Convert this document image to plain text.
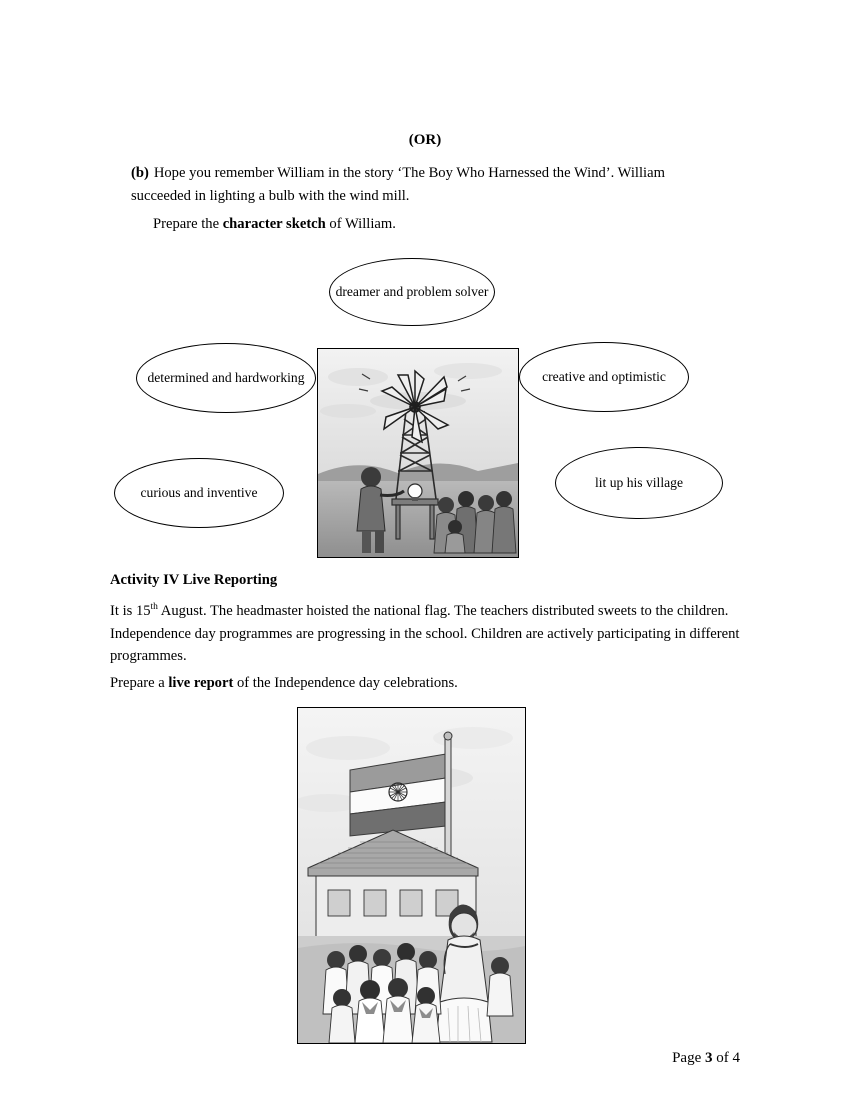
(OR)
(b) Hope you remember William in the story ‘The Boy Who Harnessed the Wind’. William succeeded in lighting a bulb with the wind mill.
Prepare the character sketch of William.
dreamer and problem solver
determined and hardworking
curious and inventive
creative and optimistic
lit up his village
Activity IV Live Reporting
It is 15th August. The headmaster hoisted the national flag. The teachers distributed sweets to the children. Independence day programmes are progressing in the school. Children are actively participating in different programmes.
Prepare a live report of the Independence day celebrations.
Page 3 of 4
